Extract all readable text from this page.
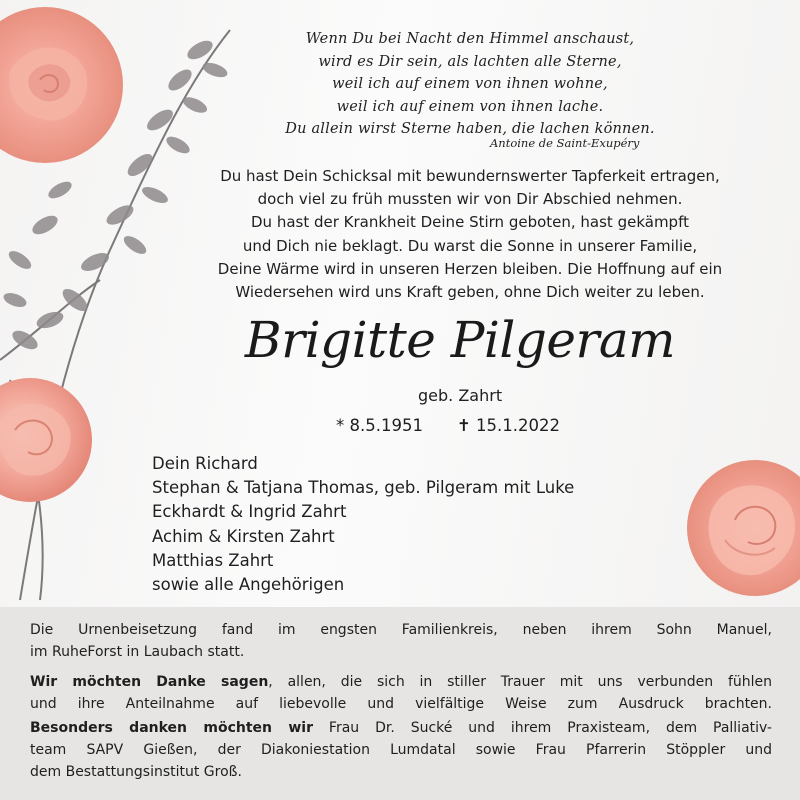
Wenn Du bei Nacht den Himmel anschaust,
wird es Dir sein, als lachten alle Sterne,
weil ich auf einem von ihnen wohne,
weil ich auf einem von ihnen lache.
Du allein wirst Sterne haben, die lachen können.
Antoine de Saint-Exupéry
Du hast Dein Schicksal mit bewundernswerter Tapferkeit ertragen,
doch viel zu früh mussten wir von Dir Abschied nehmen.
Du hast der Krankheit Deine Stirn geboten, hast gekämpft
und Dich nie beklagt. Du warst die Sonne in unserer Familie,
Deine Wärme wird in unseren Herzen bleiben. Die Hoffnung auf ein
Wiedersehen wird uns Kraft geben, ohne Dich weiter zu leben.
Brigitte Pilgeram
geb. Zahrt
* 8.5.1951 ✝ 15.1.2022
Dein Richard
Stephan & Tatjana Thomas, geb. Pilgeram mit Luke
Eckhardt & Ingrid Zahrt
Achim & Kirsten Zahrt
Matthias Zahrt
sowie alle Angehörigen
Die Urnenbeisetzung fand im engsten Familienkreis, neben ihrem Sohn Manuel,
im RuheForst in Laubach statt.
Wir möchten Danke sagen, allen, die sich in stiller Trauer mit uns verbunden fühlen
und ihre Anteilnahme auf liebevolle und vielfältige Weise zum Ausdruck brachten.
Besonders danken möchten wir Frau Dr. Sucké und ihrem Praxisteam, dem Palliativ-
team SAPV Gießen, der Diakoniestation Lumdatal sowie Frau Pfarrerin Stöppler und
dem Bestattungsinstitut Groß.
